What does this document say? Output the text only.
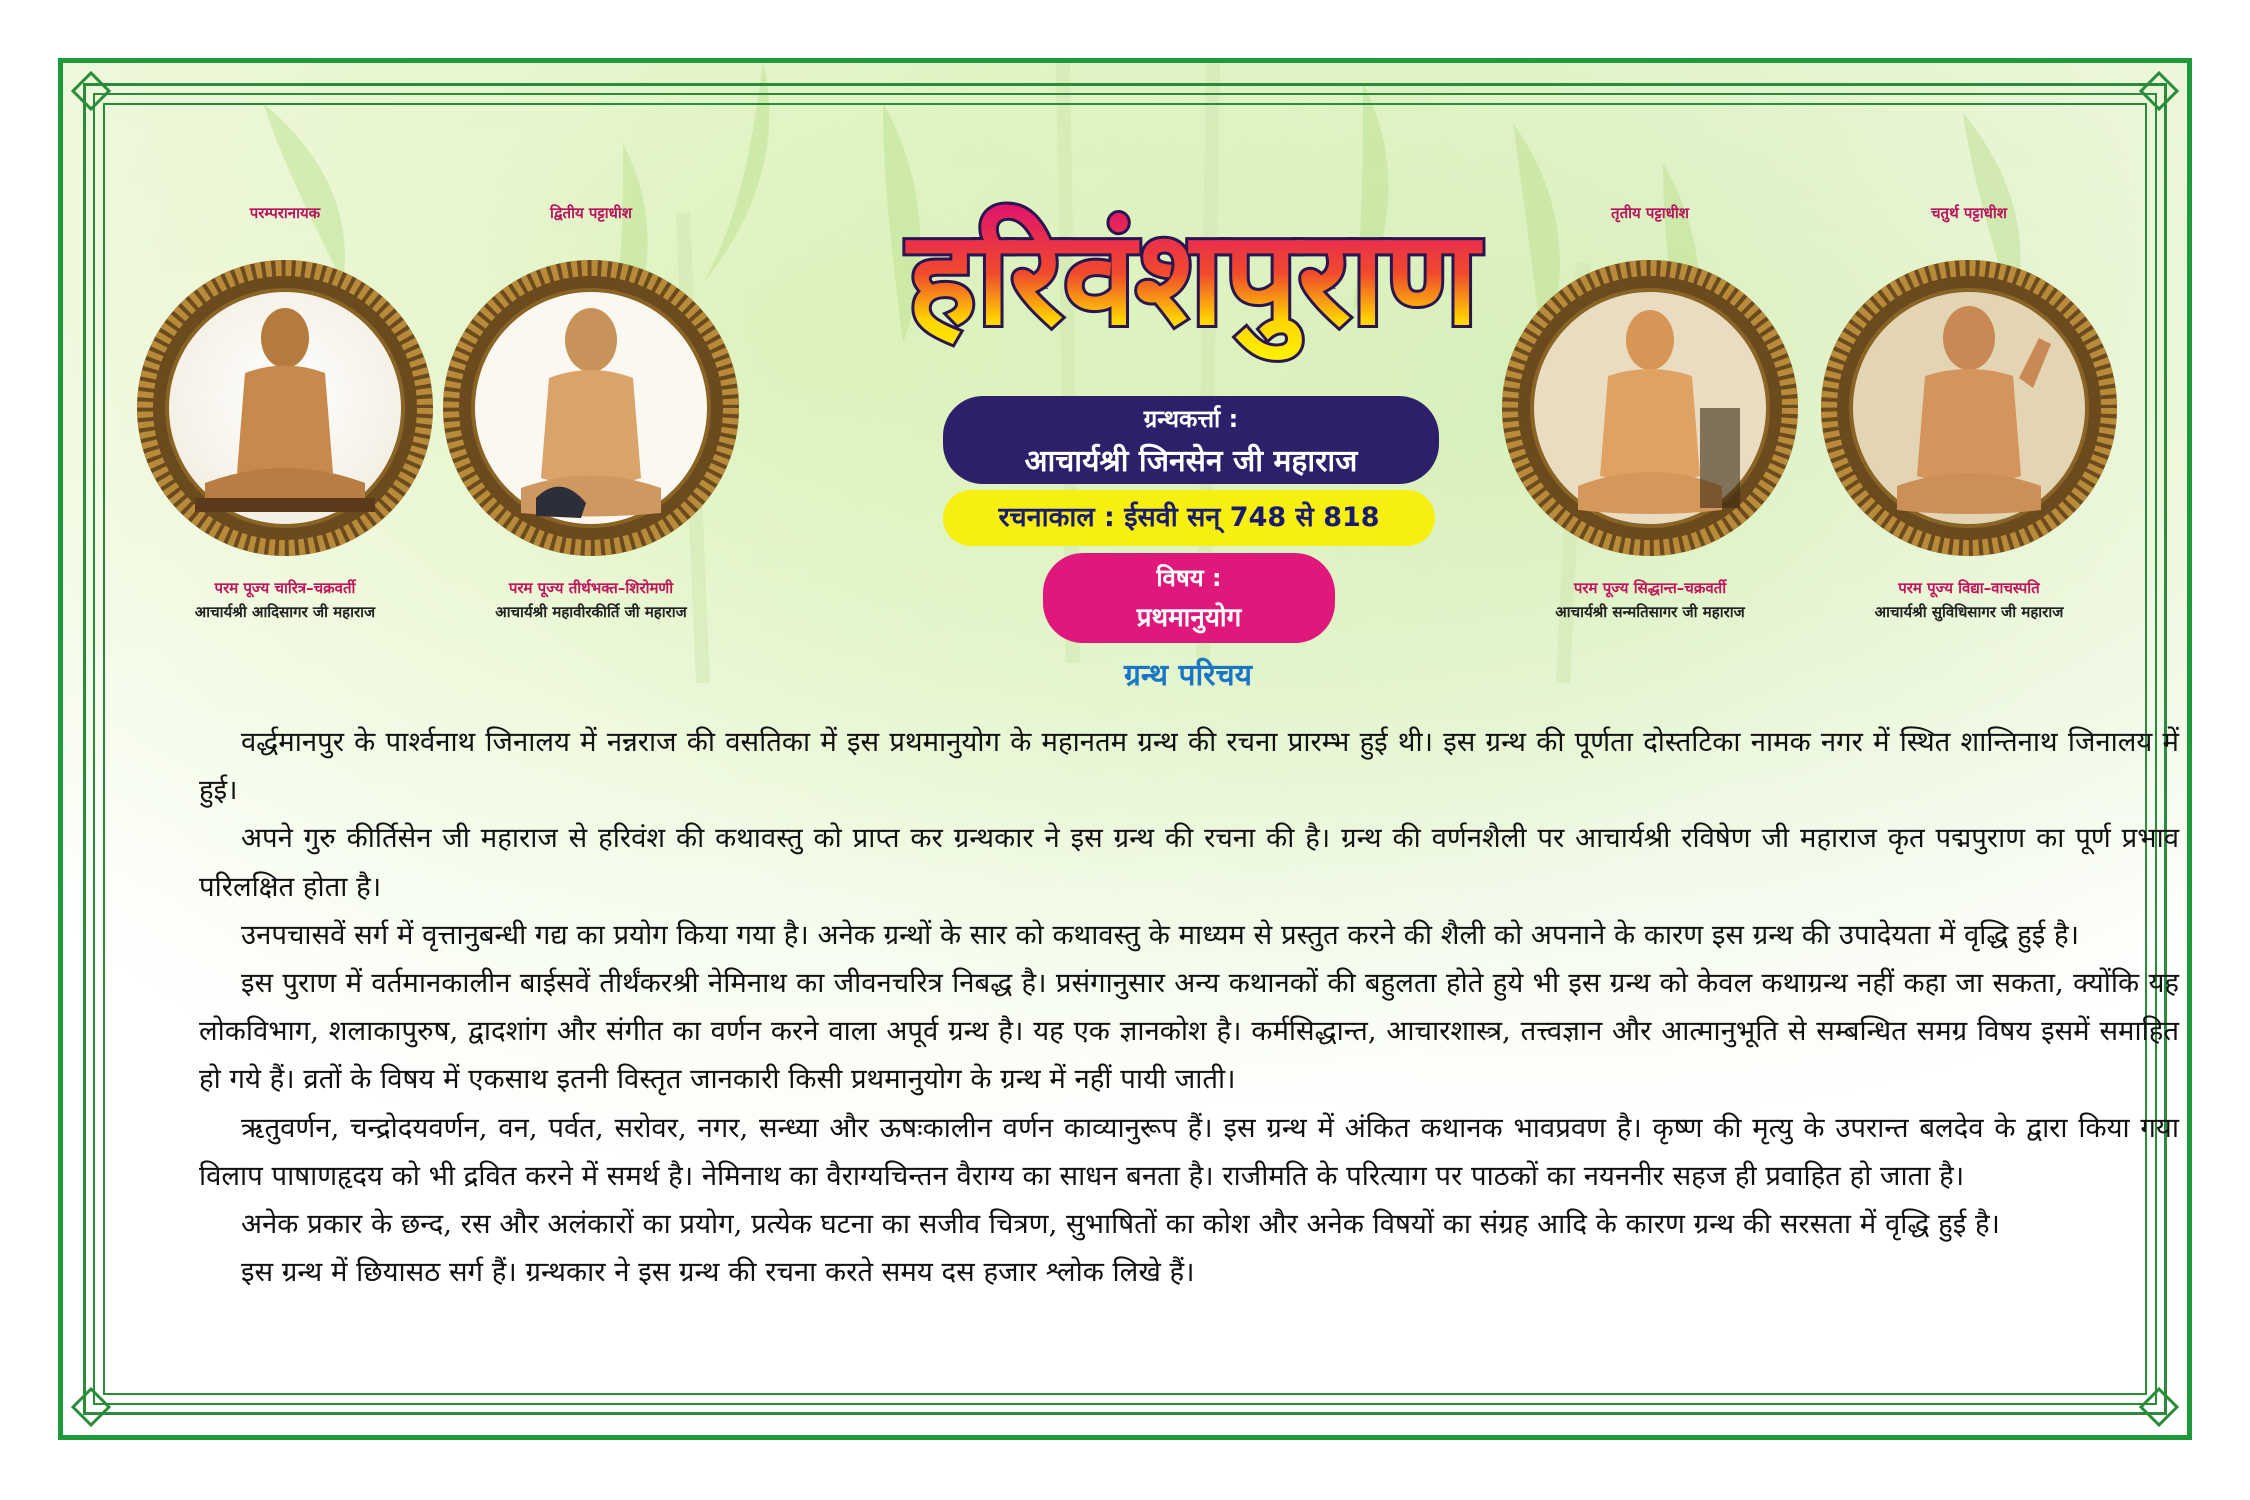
परम्परानायक
परम पूज्य चारित्र–चक्रवर्ती
आचार्यश्री आदिसागर जी महाराज
द्वितीय पट्टाधीश
परम पूज्य तीर्थभक्त–शिरोमणी
आचार्यश्री महावीरकीर्ति जी महाराज
तृतीय पट्टाधीश
परम पूज्य सिद्धान्त–चक्रवर्ती
आचार्यश्री सन्मतिसागर जी महाराज
चतुर्थ पट्टाधीश
परम पूज्य विद्या–वाचस्पति
आचार्यश्री सुविधिसागर जी महाराज
हरिवंशपुराण
ग्रन्थकर्त्ता :
आचार्यश्री जिनसेन जी महाराज
रचनाकाल : ईसवी सन् 748 से 818
विषय :
प्रथमानुयोग
ग्रन्थ परिचय

वर्द्धमानपुर के पार्श्वनाथ जिनालय में नन्नराज की वसतिका में इस प्रथमानुयोग के महानतम ग्रन्थ की रचना प्रारम्भ हुई थी। इस ग्रन्थ की पूर्णता दोस्तटिका नामक नगर में स्थित शान्तिनाथ जिनालय में हुई।

अपने गुरु कीर्तिसेन जी महाराज से हरिवंश की कथावस्तु को प्राप्त कर ग्रन्थकार ने इस ग्रन्थ की रचना की है। ग्रन्थ की वर्णनशैली पर आचार्यश्री रविषेण जी महाराज कृत पद्मपुराण का पूर्ण प्रभाव परिलक्षित होता है।

उनपचासवें सर्ग में वृत्तानुबन्धी गद्य का प्रयोग किया गया है। अनेक ग्रन्थों के सार को कथावस्तु के माध्यम से प्रस्तुत करने की शैली को अपनाने के कारण इस ग्रन्थ की उपादेयता में वृद्धि हुई है।

इस पुराण में वर्तमानकालीन बाईसवें तीर्थंकरश्री नेमिनाथ का जीवनचरित्र निबद्ध है। प्रसंगानुसार अन्य कथानकों की बहुलता होते हुये भी इस ग्रन्थ को केवल कथाग्रन्थ नहीं कहा जा सकता, क्योंकि यह लोकविभाग, शलाकापुरुष, द्वादशांग और संगीत का वर्णन करने वाला अपूर्व ग्रन्थ है। यह एक ज्ञानकोश है। कर्मसिद्धान्त, आचारशास्त्र, तत्त्वज्ञान और आत्मानुभूति से सम्बन्धित समग्र विषय इसमें समाहित हो गये हैं। व्रतों के विषय में एकसाथ इतनी विस्तृत जानकारी किसी प्रथमानुयोग के ग्रन्थ में नहीं पायी जाती।

ऋतुवर्णन, चन्द्रोदयवर्णन, वन, पर्वत, सरोवर, नगर, सन्ध्या और ऊषःकालीन वर्णन काव्यानुरूप हैं। इस ग्रन्थ में अंकित कथानक भावप्रवण है। कृष्ण की मृत्यु के उपरान्त बलदेव के द्वारा किया गया विलाप पाषाणहृदय को भी द्रवित करने में समर्थ है। नेमिनाथ का वैराग्यचिन्तन वैराग्य का साधन बनता है। राजीमति के परित्याग पर पाठकों का नयननीर सहज ही प्रवाहित हो जाता है।

अनेक प्रकार के छन्द, रस और अलंकारों का प्रयोग, प्रत्येक घटना का सजीव चित्रण, सुभाषितों का कोश और अनेक विषयों का संग्रह आदि के कारण ग्रन्थ की सरसता में वृद्धि हुई है।

इस ग्रन्थ में छियासठ सर्ग हैं। ग्रन्थकार ने इस ग्रन्थ की रचना करते समय दस हजार श्लोक लिखे हैं।
